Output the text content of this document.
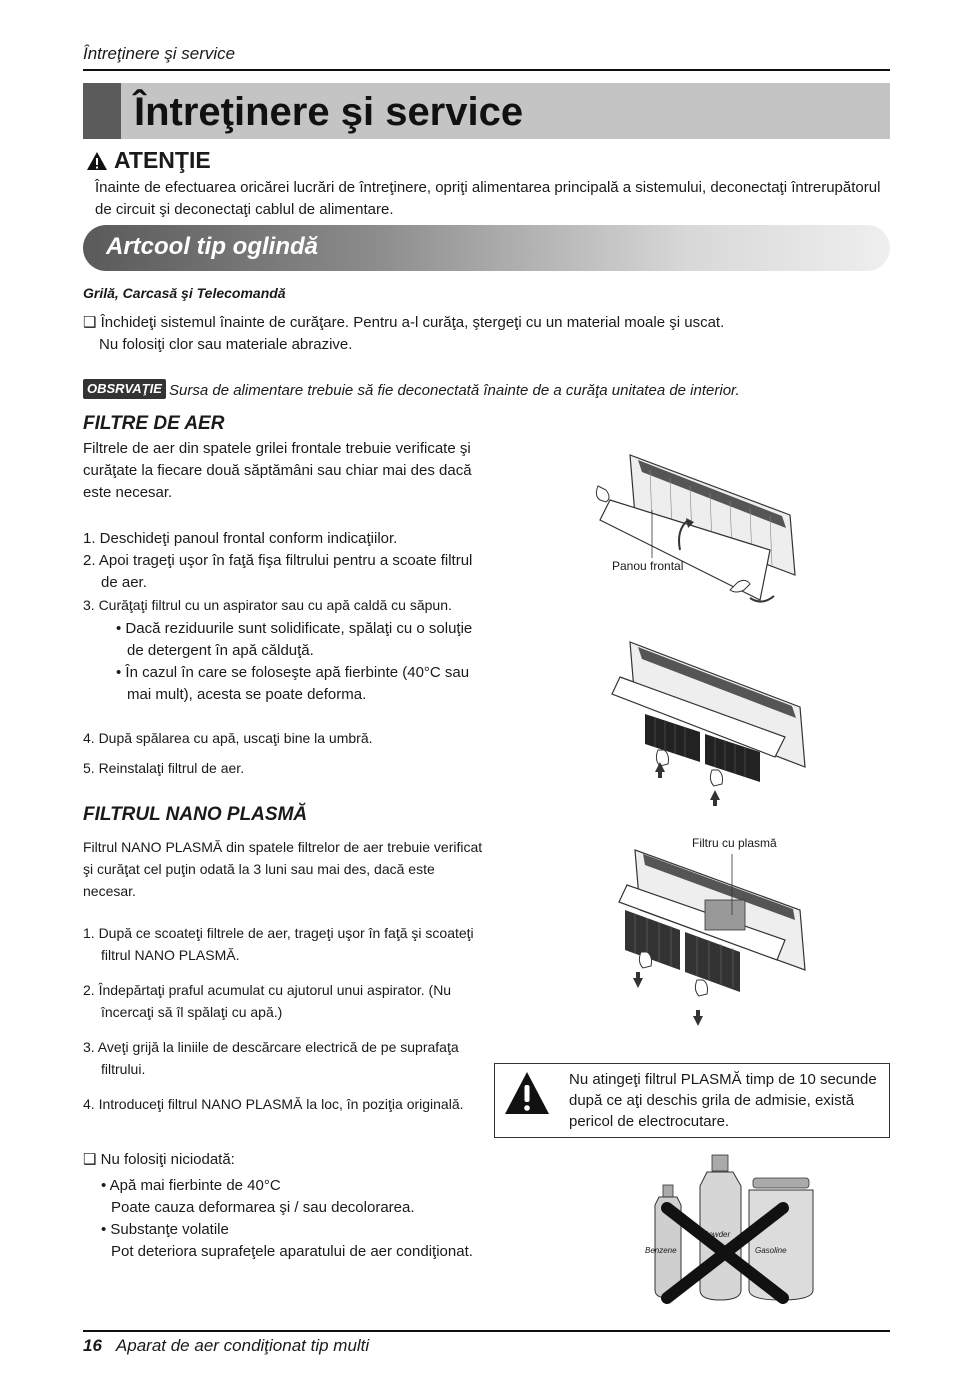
Întreţinere şi service
Întreţinere şi service
ATENŢIE
Înainte de efectuarea oricărei lucrări de întreţinere, opriţi alimentarea principală a sistemului, deconectaţi întrerupătorul de circuit şi deconectaţi cablul de alimentare.
Artcool tip oglindă
Grilă, Carcasă şi Telecomandă
❑ Închideţi sistemul înainte de curăţare. Pentru a-l curăţa, ştergeţi cu un material moale şi uscat.
Nu folosiţi clor sau materiale abrazive.
OBSRVAŢIE Sursa de alimentare trebuie să fie deconectată înainte de a curăţa unitatea de interior.
FILTRE DE AER
Filtrele de aer din spatele grilei frontale trebuie verificate şi curăţate la fiecare două săptămâni sau chiar mai des dacă este necesar.
1. Deschideţi panoul frontal conform indicaţiilor.
2. Apoi trageţi uşor în faţă fişa filtrului pentru a scoate filtrul de aer.
3. Curăţaţi filtrul cu un aspirator sau cu apă caldă cu săpun.
• Dacă reziduurile sunt solidificate, spălaţi cu o soluţie de detergent în apă călduţă.
• În cazul în care se foloseşte apă fierbinte (40°C sau mai mult), acesta se poate deforma.
4. După spălarea cu apă, uscaţi bine la umbră.
5. Reinstalaţi filtrul de aer.
Panou frontal
FILTRUL NANO PLASMĂ
Filtrul NANO PLASMĂ din spatele filtrelor de aer trebuie verificat şi curăţat cel puţin odată la 3 luni sau mai des, dacă este necesar.
1. După ce scoateţi filtrele de aer, trageţi uşor în faţă şi scoateţi filtrul NANO PLASMĂ.
2. Îndepărtaţi praful acumulat cu ajutorul unui aspirator. (Nu încercaţi să îl spălaţi cu apă.)
3. Aveţi grijă la liniile de descărcare electrică de pe suprafaţa filtrului.
4. Introduceţi filtrul NANO PLASMĂ la loc, în poziţia originală.
Filtru cu plasmă
Nu atingeţi filtrul PLASMĂ timp de 10 secunde după ce aţi deschis grila de admisie, există pericol de electrocutare.
❑ Nu folosiţi niciodată:
• Apă mai fierbinte de 40°C
Poate cauza deformarea şi / sau decolorarea.
• Substanţe volatile
Pot deteriora suprafeţele aparatului de aer condiţionat.	Benzene
Powder
Gasoline
16 Aparat de aer condiţionat tip multi
